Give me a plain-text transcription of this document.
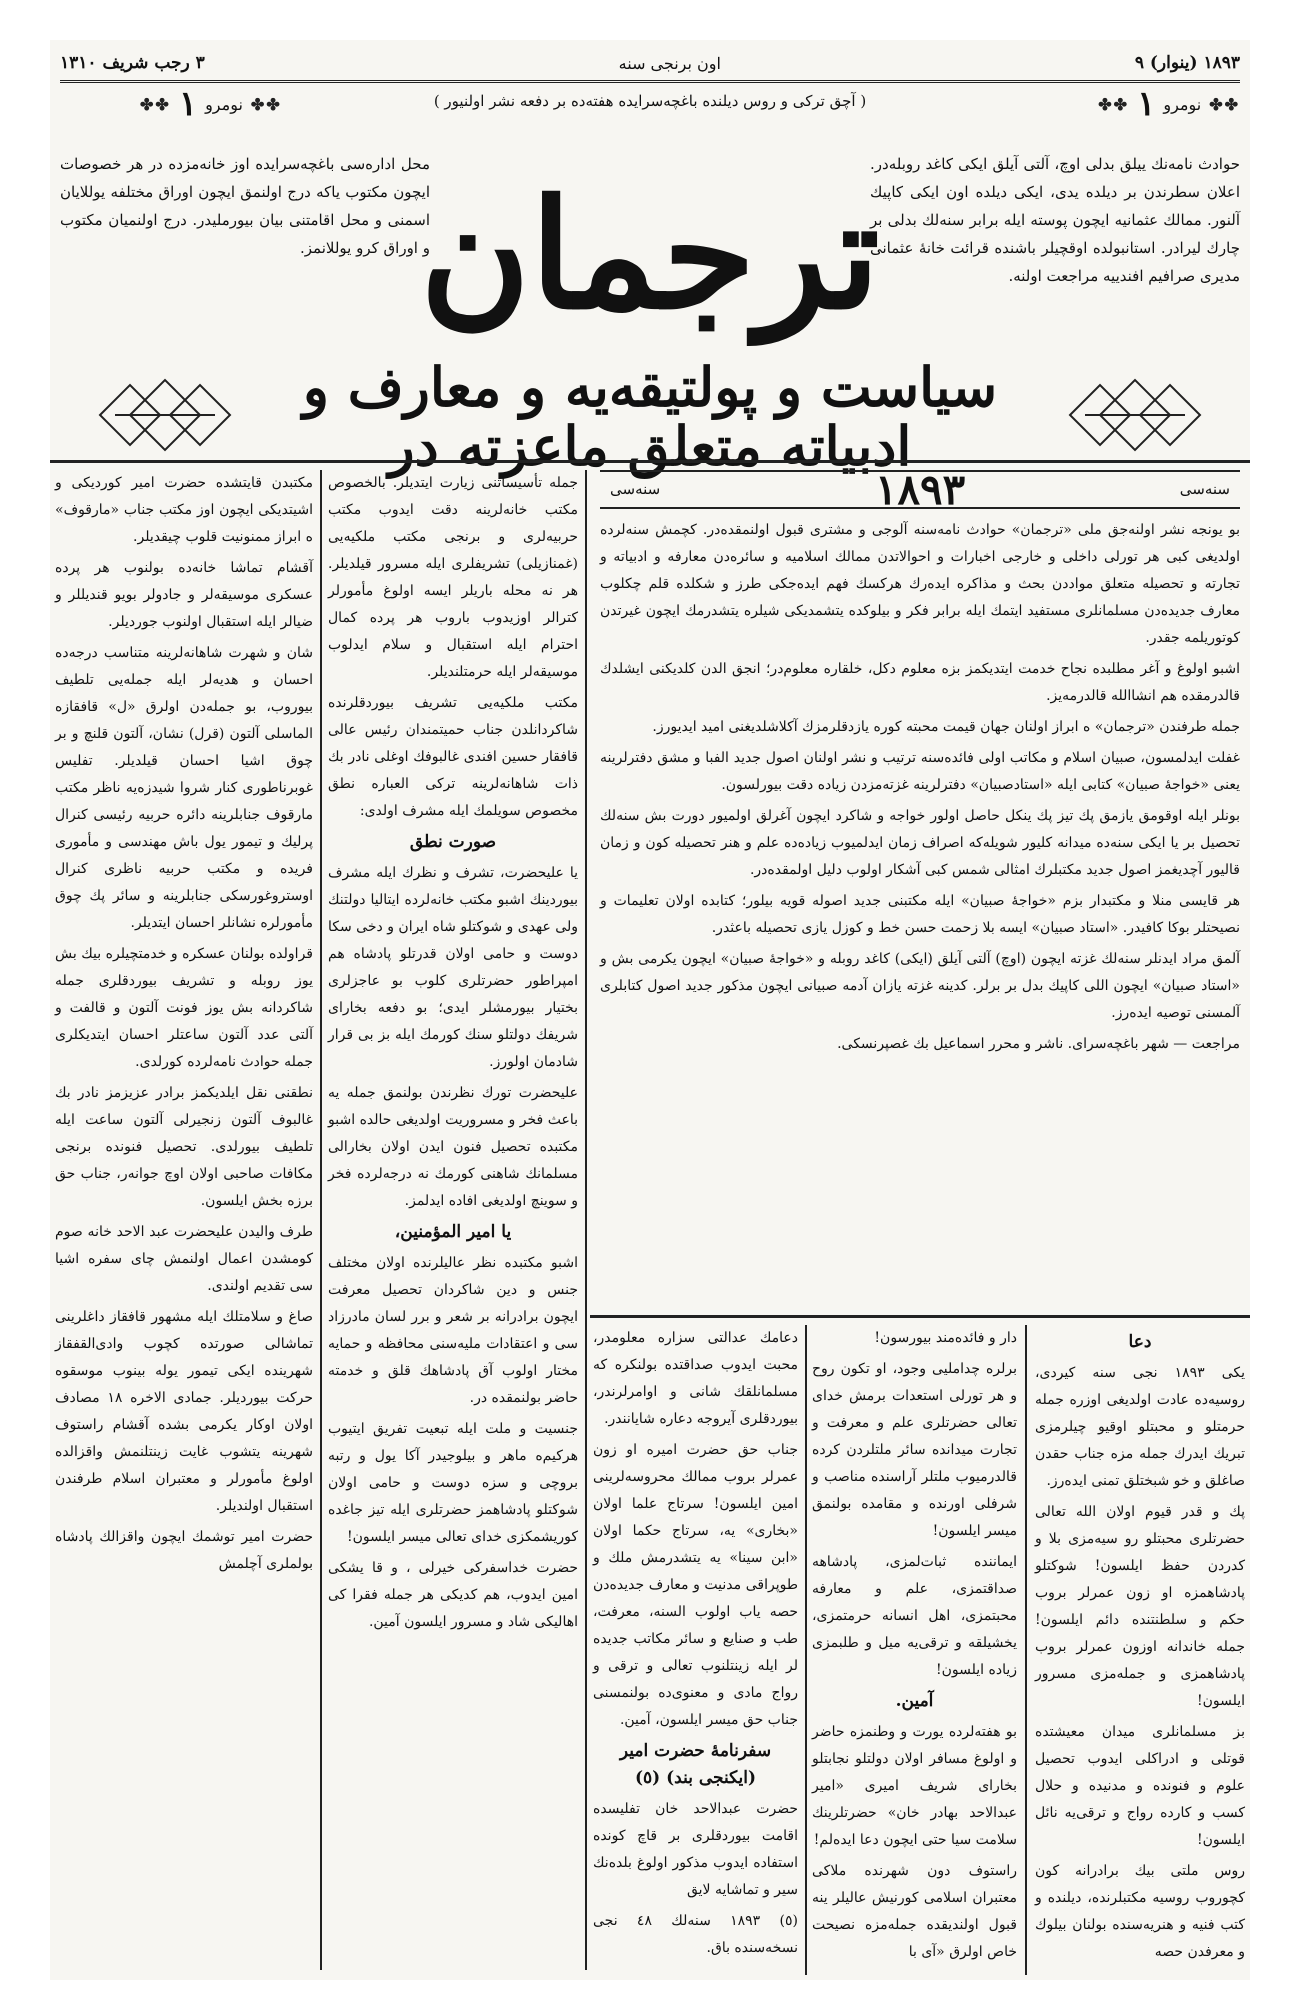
١٨٩٣ (ينوار) ٩
اون برنجی سنه
٣ رجب شريف ١٣١٠
✤✤
نومرو
١
✤✤
✤✤
نومرو
١
✤✤	( آچق تركی و روس ديلنده باغچه‌سرايده هفته‌ده بر دفعه نشر اولنيور )
حوادث نامه‌نك ييلق بدلی اوچ، آلتی آيلق ايكی كاغد روبله‌در. اعلان سطرندن بر ديلده يدی، ايكی ديلده اون ايكی كاپيك آلنور. ممالك عثمانيه ايچون پوسته ايله برابر سنه‌لك بدلی بر چارك ليرادر. استانبولده اوقچيلر باشنده قرائت خانهٔ عثمانی مديری صرافيم افندیيه مراجعت اولنه.
محل اداره‌سی باغچه‌سرايده اوز خانه‌مزده در هر خصوصات ايچون مكتوب ياكه درج اولنمق ايچون اوراق مختلفه يوللايان اسمنی و محل اقامتنی بيان بيورمليدر. درج اولنميان مكتوب و اوراق كرو يوللانمز.
ترجمان
سياست و پولتيقه‌يه و معارف و ادبياته متعلق ماعزته‌ در
سنه‌سی
١٨٩٣
سنه‌سی

بو يونجه نشر اولنه‌جق ملی «ترجمان» حوادث نامه‌سنه آلوجی و مشتری قبول اولنمقده‌در. كچمش سنه‌لرده اولديغی كبی هر تورلی داخلی و خارجی اخبارات و احوالاتدن ممالك اسلاميه و سائره‌دن معارفه و ادبياته و تجارته و تحصيله متعلق مواددن بحث و مذاكره ايده‌رك هركسك فهم ايده‌جكی طرز و شكلده قلم چكلوب معارف جديده‌دن مسلمانلری مستفيد ايتمك ايله برابر فكر و بيلوكده يتشمديكی شيلره يتشدرمك ايچون غيرتدن كوتوريلمه جقدر.

اشبو اولوغ و آغر مطلبده نجاح خدمت ايتديكمز بزه معلوم دكل، خلقاره معلوم‌در؛ انجق الدن كلديكنی ايشلدك قالدرمقده هم انشاالله قالدرمه‌يز.

جمله طرفندن «ترجمان» ه ابراز اولنان جهان قيمت محبته كوره يازدقلرمزك آكلاشلديغنی اميد ايديورز.

غفلت ايدلمسون، صبيان اسلام و مكاتب اولی فائده‌سنه ترتيب و نشر اولنان اصول جديد الفبا و مشق دفترلرينه يعنی «خواجهٔ صبيان» كتابی ايله «استادصبيان» دفترلرينه غزته‌مزدن زياده دقت بيورلسون.

بونلر ايله اوقومق يازمق پك تيز پك ينكل حاصل اولور خواجه و شاكرد ايچون آغرلق اولميور دورت بش سنه‌لك تحصيل بر يا ايكی سنه‌ده ميدانه كليور شويله‌كه اصراف زمان ايدلميوب زياده‌ده علم و هنر تحصيله كون و زمان قاليور آچديغمز اصول جديد مكتبلرك امثالی شمس كبی آشكار اولوب دليل اولمقده‌در.

هر قايسی منلا و مكتبدار بزم «خواجهٔ صبيان» ايله مكتبنی جديد اصوله قويه بيلور؛ كتابده اولان تعليمات و نصيحتلر بوكا كافيدر. «استاد صبيان» ايسه بلا زحمت حسن خط و كوزل يازی تحصيله باعثدر.

آلمق مراد ايدنلر سنه‌لك غزته ايچون (اوچ) آلتی آيلق (ايكی) كاغد روبله و «خواجهٔ صبيان» ايچون يكرمی بش و «استاد صبيان» ايچون اللی كاپيك بدل بر برلر. كدينه غزته يازان آدمه صبيانی ايچون مذكور جديد اصول كتابلری آلمسنی توصيه ايده‌رز.

مراجعت — شهر باغچه‌سرای. ناشر و محرر اسماعيل بك غصپرنسكی.

مكتبدن قايتشده حضرت امير كوردیكی و اشيتديكی ايچون اوز مكتب جناب «مارقوف» ه ابراز ممنونيت قلوب چيقديلر.

آقشام تماشا خانه‌ده بولنوب هر پرده عسكری موسيقه‌لر و جادولر بويو قنديللر و ضيالر ايله استقبال اولنوب جورديلر.

شان و شهرت شاهانه‌لرينه متناسب درجه‌ده احسان و هديه‌لر ايله جمله‌يی تلطيف بيوروب، بو جمله‌دن اولرق «ل» قافقازه الماسلی آلتون (قرل) نشان، آلتون قلنچ و بر چوق اشيا احسان قيلديلر. تفليس غوبرناطوری كنار شروا شيدزه‌يه ناظر مكتب مارقوف جنابلرينه دائره حربيه رئيسی كنرال پرليك و تيمور يول باش مهندسی و مأموری فريده و مكتب حربيه ناظری كنرال اوستروغورسكی جنابلرينه و سائر پك چوق مأمورلره نشانلر احسان ايتديلر.

قراولده بولنان عسكره و خدمتچيلره بيك بش يوز روبله و تشريف بيوردقلری جمله شاكردانه بش يوز فونت آلتون و قالفت و آلتی عدد آلتون ساعتلر احسان ايتديكلری جمله حوادث نامه‌لرده كورلدی.

نطقنی نقل ايلديكمز برادر عزيزمز نادر بك غالبوف آلتون زنجيرلی آلتون ساعت ايله تلطيف بيورلدی. تحصيل فنونده برنجی مكافات صاحبی اولان اوچ جوانه‌ر، جناب حق برزه بخش ايلسون.

طرف واليدن عليحضرت عبد الاحد خانه صوم كومشدن اعمال اولنمش چای سفره اشيا سی تقديم اولندی.

صاغ و سلامتلك ايله مشهور قافقاز داغلرينی تماشالی صورتده كچوب وادی‌القفقاز شهرينده ايكی تيمور يوله بينوب موسقوه حركت بيورديلر. جمادی الاخره ١٨ مصادف اولان اوكار يكرمی بشده آقشام راستوف شهرينه يتشوب غايت زينتلنمش واقزالده اولوغ مأمورلر و معتبران اسلام طرفندن استقبال اولنديلر.

حضرت امير توشمك ايچون واقزالك پادشاه بولملری آچلمش

جمله تأسيساتنی زيارت ايتديلر. بالخصوص مكتب خانه‌لرينه دقت ايدوب مكتب حربيه‌لری و برنجی مكتب ملكيه‌يی (غمنازيلی) تشريفلری ايله مسرور قيلديلر. هر نه محله باريلر ايسه اولوغ مأمورلر كترالر اوزيدوب باروب هر پرده كمال احترام ايله استقبال و سلام ايدلوب موسيقه‌لر ايله حرمتلنديلر.

مكتب ملكيه‌يی تشريف بيوردقلرنده شاكردانلدن جناب حميتمندان رئيس عالی قافقار حسين افندی غالبوفك اوغلی نادر بك ذات شاهانه‌لرينه تركی العباره نطق مخصوص سويلمك ايله مشرف اولدی:

صورت نطق

يا عليحضرت، تشرف و نظرك ايله مشرف بيوردينك اشبو مكتب خانه‌لرده ايتاليا دولتنك ولی عهدی و شوكتلو شاه ايران و دخی سكا دوست و حامی اولان قدرتلو پادشاه هم امپراطور حضرتلری كلوب بو عاجزلری بختيار بيورمشلر ايدی؛ بو دفعه بخارای شريفك دولتلو سنك كورمك ايله بز بی قرار شادمان اولورز.

عليحضرت تورك نظرندن بولنمق جمله‌ يه باعث فخر و مسروريت اولديغی حالده اشبو مكتبده تحصيل فنون ايدن اولان بخارالی مسلمانك شاهنی كورمك نه درجه‌لرده فخر و سوينچ اولديغی افاده ايدلمز.

يا امير المؤمنين،

اشبو مكتبده نظر عاليلرنده اولان مختلف جنس و دين شاكردان تحصيل معرفت ايچون برادرانه بر شعر و برر لسان مادرزاد سی و اعتقادات مليه‌سنی محافظه و حمايه مختار اولوب آق پادشاهك قلق و خدمته حاضر بولنمقده در.

جنسيت و ملت ايله تبعيت تفريق ايتيوب هركيم‌ه ماهر و بيلوجيدر آكا يول و رتبه بروچی و سزه دوست و حامی اولان شوكتلو پادشاهمز حضرتلری ايله تيز جاغده كوريشمكزی خدای تعالی ميسر ايلسون!

حضرت خداسفركی خيرلی ، و قا يشكی امين ايدوب، هم كديكی هر جمله فقرا كی اهاليكی شاد و مسرور ايلسون آمين.

دعامك عدالتی سزاره معلومدر، محبت ايدوب صداقتده بولنكره كه مسلمانلقك شانی و اوامرلرندر، بيوردقلری آيروجه دعاره شايانندر.

جناب حق حضرت اميره او زون عمرلر بروب ممالك محروسه‌لرينی امين ايلسون! سرتاج علما اولان «بخاری» يه، سرتاج حكما اولان «ابن سينا» يه يتشدرمش ملك و طوپراقی مدنيت و معارف جديده‌دن حصه ياب اولوب السنه، معرفت، طب و صنايع و سائر مكاتب جديده‌ لر ايله زينتلنوب تعالی و ترقی و رواج مادی و معنوی‌ده بولنمسنی جناب حق ميسر ايلسون، آمين.

سفرنامهٔ حضرت امير (ايكنجی بند) (٥)

حضرت عبدالاحد خان تفليسده اقامت بيوردقلری بر قاچ كونده استفاده ايدوب مذكور اولوغ بلده‌نك سير و تماشايه لايق

(٥) ١٨٩٣ سنه‌لك ٤٨ نجی نسخه‌سنده باق.

دار و فائده‌مند بيورسون!

برلره چدامليی وجود، او تكون روح و هر تورلی استعدات برمش خدای تعالی حضرتلری علم و معرفت و تجارت ميدانده سائر ملتلردن كرده قالدرميوب ملتلر آراسنده مناصب و شرفلی اورنده و مقامده بولنمق ميسر ايلسون!

ايماننده ثبات‌لمزی، پادشاهه صداقتمزی، علم و معارفه محبتمزی، اهل انسانه حرمتمزی، يخشيلقه و ترقی‌يه ميل و طلبمزی زياده ايلسون!

آمين.

بو هفته‌لرده يورت و وطنمزه حاضر و اولوغ مسافر اولان دولتلو نجابتلو بخارای شريف اميری «امير عبدالاحد بهادر خان» حضرتلرينك سلامت سيا حتی ايچون دعا ايده‌لم!

راستوف دون شهرنده ملاكی معتبران اسلامی كورنيش عاليلر ينه قبول اولنديقده جمله‌مزه نصيحت خاص اولرق «آی با

دعا

يكی ١٨٩٣ نجی سنه كيردی، روسيه‌ده عادت اولديغی اوزره جمله حرمتلو و محبتلو اوقيو چيلرمزی تبريك ايدرك جمله مزه جناب حقدن صاغلق و خو شبختلق تمنی ايده‌رز.

پك و قدر قيوم اولان الله تعالی حضرتلری محبتلو رو سيه‌مزی بلا و كدردن حفظ ايلسون! شوكتلو پادشاهمزه او زون عمرلر بروب حكم و سلطنتنده دائم ايلسون! جمله خاندانه اوزون عمرلر بروب پادشاهمزی و جمله‌مزی مسرور ايلسون!

بز مسلمانلری ميدان معيشتده قوتلی و ادراكلی ايدوب تحصيل علوم و فنونده و مدنيده و حلال كسب و كارده رواج و ترقی‌يه نائل ايلسون!

روس ملتی بيك برادرانه كون كچوروب روسيه مكتبلرنده، ديلنده و كتب فنيه و هنريه‌سنده بولنان بيلوك و معرفدن حصه
